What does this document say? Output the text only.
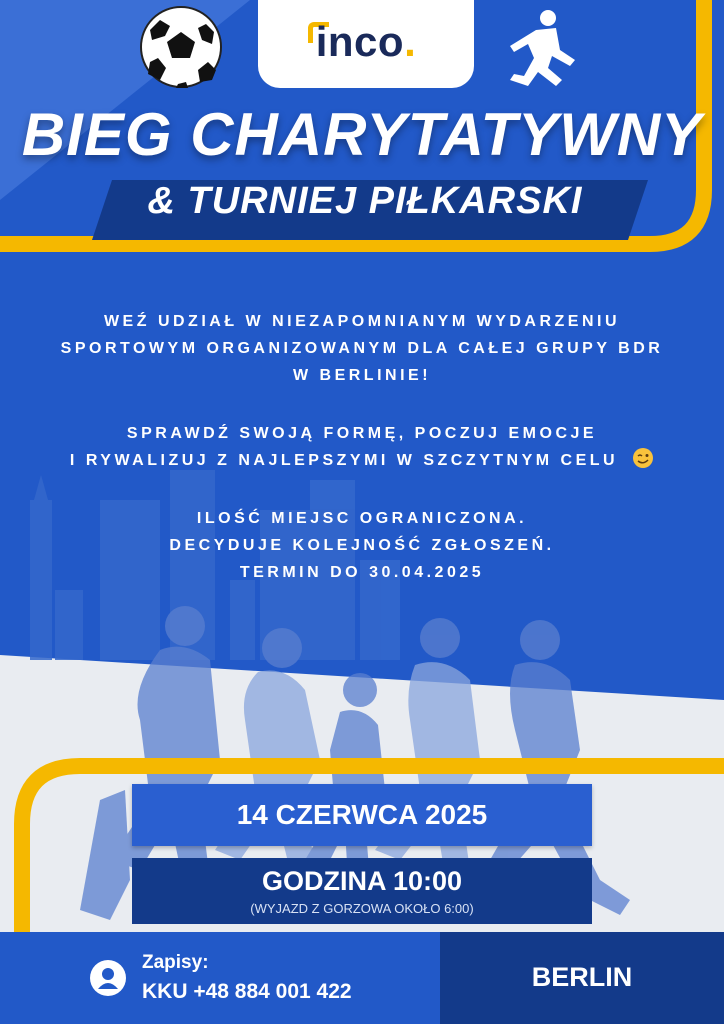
inco.
BIEG CHARYTATYWNY
& TURNIEJ PIŁKARSKI
WEŹ UDZIAŁ W NIEZAPOMNIANYM WYDARZENIU
SPORTOWYM ORGANIZOWANYM DLA CAŁEJ GRUPY BDR
W BERLINIE!
SPRAWDŹ SWOJĄ FORMĘ, POCZUJ EMOCJE
I RYWALIZUJ Z NAJLEPSZYMI W SZCZYTNYM CELU
ILOŚĆ MIEJSC OGRANICZONA.
DECYDUJE KOLEJNOŚĆ ZGŁOSZEŃ.
TERMIN DO 30.04.2025
14 CZERWCA 2025
GODZINA 10:00
(WYJAZD Z GORZOWA OKOŁO 6:00)
Zapisy:
KKU +48 884 001 422	BERLIN
